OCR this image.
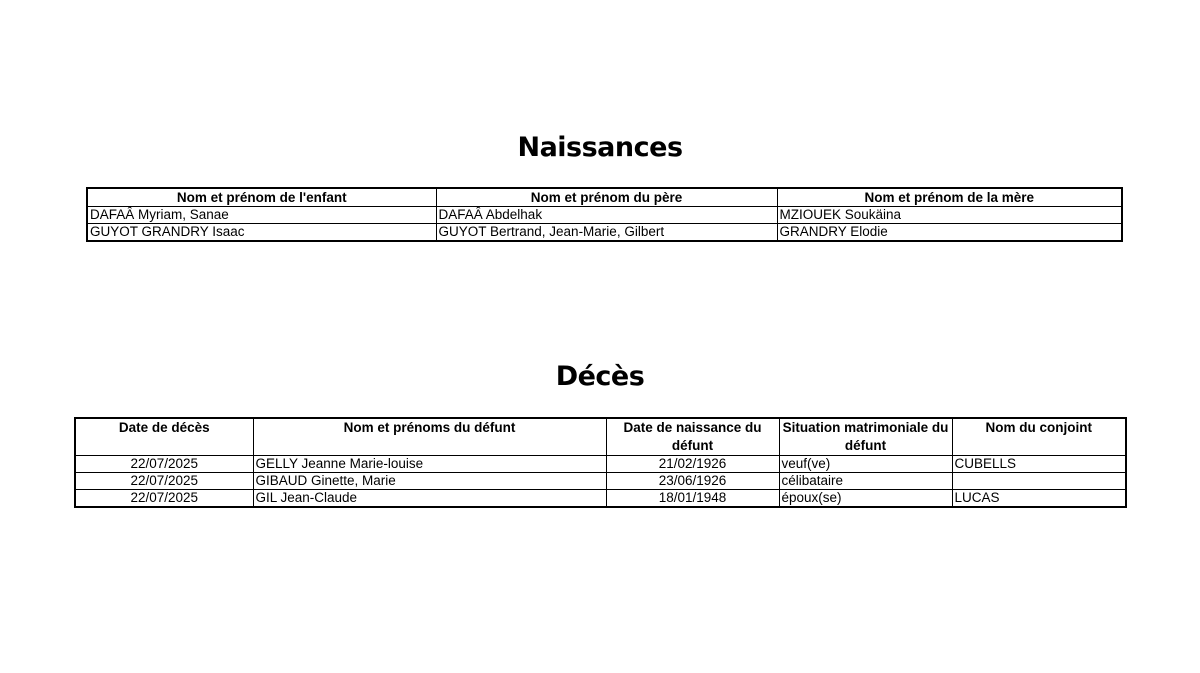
Naissances
Nom et prénom de l'enfant	Nom et prénom du père	Nom et prénom de la mère
DAFAÂ Myriam, Sanae	DAFAÂ Abdelhak	MZIOUEK Soukäina
GUYOT GRANDRY Isaac	GUYOT Bertrand, Jean-Marie, Gilbert	GRANDRY Elodie
Décès
Date de décès	Nom et prénoms du défunt	Date de naissance du défunt	Situation matrimoniale du défunt	Nom du conjoint
22/07/2025	GELLY Jeanne Marie-louise	21/02/1926	veuf(ve)	CUBELLS
22/07/2025	GIBAUD Ginette, Marie	23/06/1926	célibataire	
22/07/2025	GIL Jean-Claude	18/01/1948	époux(se)	LUCAS
